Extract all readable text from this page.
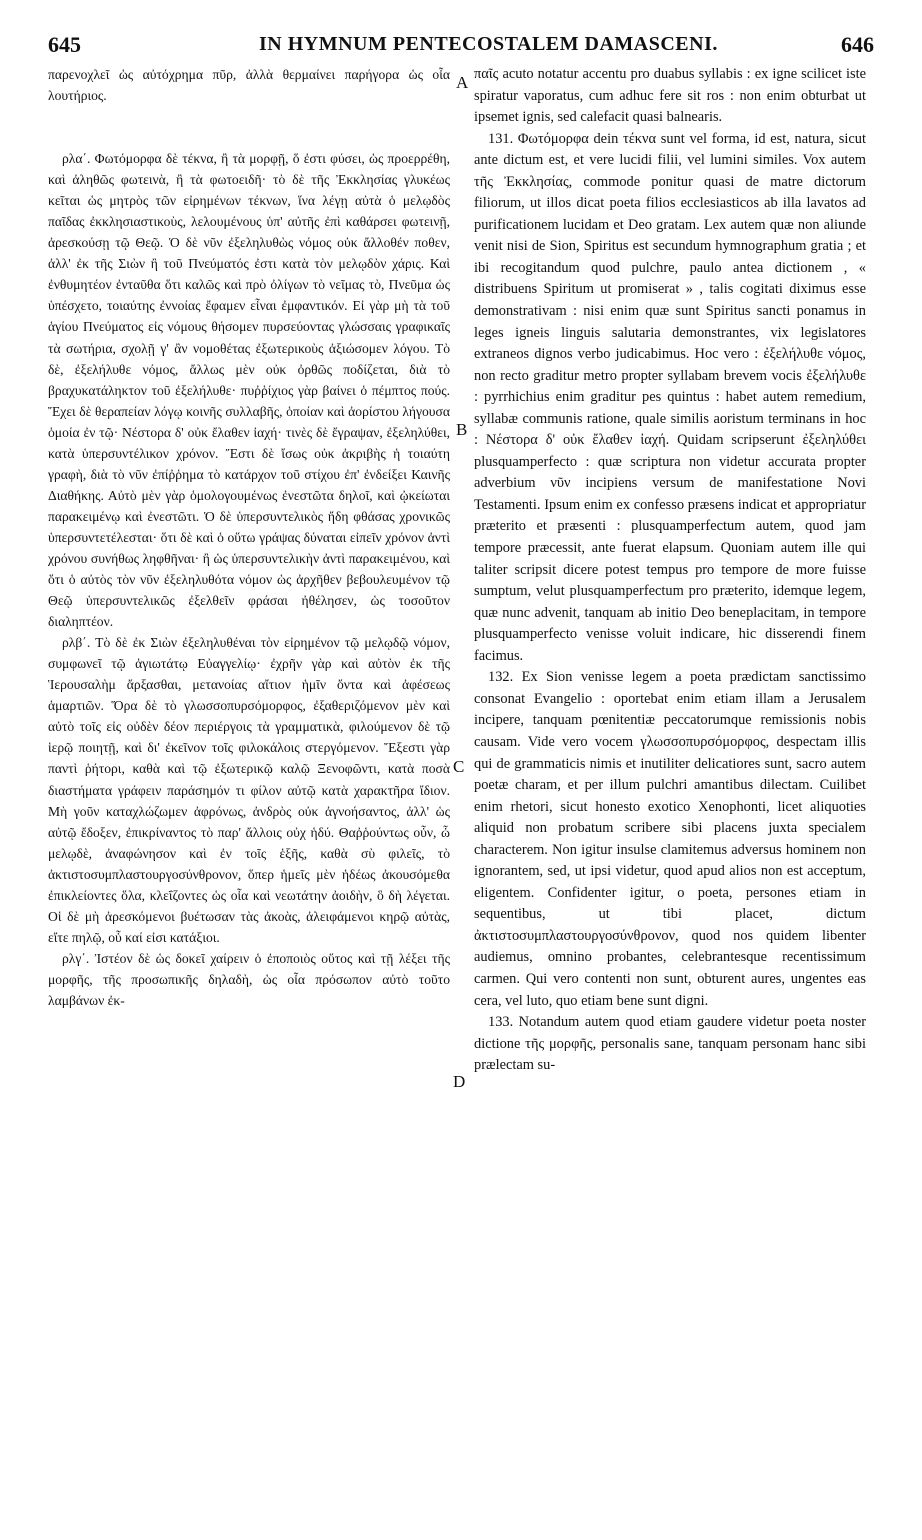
645	IN HYMNUM PENTECOSTALEM DAMASCENI.	646

παρενοχλεῖ ὡς αὐτόχρημα πῦρ, ἀλλὰ θερμαίνει παρήγορα ὡς οἷα λουτήριος.

ρλα΄. Φωτόμορφα δὲ τέκνα, ἢ τὰ μορφῇ, ὅ ἐστι φύσει, ὡς προερρέθη, καὶ ἀληθῶς φωτεινὰ, ἢ τὰ φωτοειδῆ· τὸ δὲ τῆς Ἐκκλησίας γλυκέως κεῖται ὡς μητρὸς τῶν εἰρημένων τέκνων, ἵνα λέγῃ αὐτὰ ὁ μελῳδὸς παῖδας ἐκκλησιαστικοὺς, λελουμένους ὑπ' αὐτῆς ἐπὶ καθάρσει φωτεινῇ, ἀρεσκούσῃ τῷ Θεῷ. Ὁ δὲ νῦν ἐξεληλυθὼς νόμος οὐκ ἄλλοθέν ποθεν, ἀλλ' ἐκ τῆς Σιὼν ἢ τοῦ Πνεύματός ἐστι κατὰ τὸν μελῳδὸν χάρις. Καὶ ἐνθυμητέον ἐνταῦθα ὅτι καλῶς καὶ πρὸ ὀλίγων τὸ νεῖμας τὸ, Πνεῦμα ὡς ὑπέσχετο, τοιαύτης ἐννοίας ἔφαμεν εἶναι ἐμφαντικόν. Εἰ γὰρ μὴ τὰ τοῦ ἁγίου Πνεύματος εἰς νόμους θήσομεν πυρσεύοντας γλώσσαις γραφικαῖς τὰ σωτήρια, σχολῇ γ' ἂν νομοθέτας ἐξωτερικοὺς ἀξιώσομεν λόγου. Τὸ δὲ, ἐξελήλυθε νόμος, ἄλλως μὲν οὐκ ὀρθῶς ποδίζεται, διὰ τὸ βραχυκατάληκτον τοῦ ἐξελήλυθε· πυῤῥίχιος γὰρ βαίνει ὁ πέμπτος πούς. Ἔχει δὲ θεραπείαν λόγῳ κοινῆς συλλαβῆς, ὁποίαν καὶ ἀορίστου λήγουσα ὁμοία ἐν τῷ· Νέστορα δ' οὐκ ἔλαθεν ἰαχή· τινὲς δὲ ἔγραψαν, ἐξεληλύθει, κατὰ ὑπερσυντέλικον χρόνον. Ἔστι δὲ ἴσως οὐκ ἀκριβὴς ἡ τοιαύτη γραφὴ, διὰ τὸ νῦν ἐπίῤῥημα τὸ κατάρχον τοῦ στίχου ἐπ' ἐνδείξει Καινῆς Διαθήκης. Αὐτὸ μὲν γὰρ ὁμολογουμένως ἐνεστῶτα δηλοῖ, καὶ ᾠκείωται παρακειμένῳ καὶ ἐνεστῶτι. Ὁ δὲ ὑπερσυντελικὸς ἤδη φθάσας χρονικῶς ὑπερσυντετέλεσται· ὅτι δὲ καὶ ὁ οὕτω γράψας δύναται εἰπεῖν χρόνον ἀντὶ χρόνου συνήθως ληφθῆναι· ἢ ὡς ὑπερσυντελικὴν ἀντὶ παρακειμένου, καὶ ὅτι ὁ αὐτὸς τὸν νῦν ἐξεληλυθότα νόμον ὡς ἀρχῆθεν βεβουλευμένον τῷ Θεῷ ὑπερσυντελικῶς ἐξελθεῖν φράσαι ἠθέλησεν, ὡς τοσοῦτον διαληπτέον.

ρλβ΄. Τὸ δὲ ἐκ Σιὼν ἐξεληλυθέναι τὸν εἰρημένον τῷ μελῳδῷ νόμον, συμφωνεῖ τῷ ἁγιωτάτῳ Εὐαγγελίῳ· ἐχρῆν γὰρ καὶ αὐτὸν ἐκ τῆς Ἱερουσαλὴμ ἄρξασθαι, μετανοίας αἴτιον ἡμῖν ὄντα καὶ ἀφέσεως ἁμαρτιῶν. Ὅρα δὲ τὸ γλωσσοπυρσόμορφος, ἐξαθεριζόμενον μὲν καὶ αὐτὸ τοῖς εἰς οὐδὲν δέον περιέργοις τὰ γραμματικὰ, φιλούμενον δὲ τῷ ἱερῷ ποιητῇ, καὶ δι' ἐκεῖνον τοῖς φιλοκάλοις στεργόμενον. Ἔξεστι γὰρ παντὶ ῥήτορι, καθὰ καὶ τῷ ἐξωτερικῷ καλῷ Ξενοφῶντι, κατὰ ποσὰ διαστήματα γράφειν παράσημόν τι φίλον αὐτῷ κατὰ χαρακτῆρα ἴδιον. Μὴ γοῦν καταχλώζωμεν ἀφρόνως, ἀνδρὸς οὐκ ἀγνοήσαντος, ἀλλ' ὡς αὐτῷ ἔδοξεν, ἐπικρίναντος τὸ παρ' ἄλλοις οὐχ ἡδύ. Θαῤῥούντως οὖν, ὦ μελῳδὲ, ἀναφώνησον καὶ ἐν τοῖς ἑξῆς, καθὰ σὺ φιλεῖς, τὸ ἀκτιστοσυμπλαστουργοσύνθρονον, ὅπερ ἡμεῖς μὲν ἡδέως ἀκουσόμεθα ἐπικλείοντες ὅλα, κλεΐζοντες ὡς οἷα καὶ νεωτάτην ἀοιδὴν, ὃ δὴ λέγεται. Οἱ δὲ μὴ ἀρεσκόμενοι βυέτωσαν τὰς ἀκοὰς, ἀλειφάμενοι κηρῷ αὐτὰς, εἴτε πηλῷ, οὗ καί εἰσι κατάξιοι.

ρλγ΄. Ἰστέον δὲ ὡς δοκεῖ χαίρειν ὁ ἐποποιὸς οὕτος καὶ τῇ λέξει τῆς μορφῆς, τῆς προσωπικῆς δηλαδὴ, ὡς οἷα πρόσωπον αὐτὸ τοῦτο λαμβάνων ἐκ-

παῖς acuto notatur accentu pro duabus syllabis : ex igne scilicet iste spiratur vaporatus, cum adhuc fere sit ros : non enim obturbat ut ipsemet ignis, sed calefacit quasi balnearis.

131. Φωτόμορφα dein τέκνα sunt vel forma, id est, natura, sicut ante dictum est, et vere lucidi filii, vel lumini similes. Vox autem τῆς Ἐκκλησίας, commode ponitur quasi de matre dictorum filiorum, ut illos dicat poeta filios ecclesiasticos ab illa lavatos ad purificationem lucidam et Deo gratam. Lex autem quæ non aliunde venit nisi de Sion, Spiritus est secundum hymnographum gratia ; et ibi recogitandum quod pulchre, paulo antea dictionem , « distribuens Spiritum ut promiserat » , talis cogitati diximus esse demonstrativam : nisi enim quæ sunt Spiritus sancti ponamus in leges igneis linguis salutaria demonstrantes, vix legislatores extraneos dignos verbo judicabimus. Hoc vero : ἐξελήλυθε νόμος, non recto graditur metro propter syllabam brevem vocis ἐξελήλυθε : pyrrhichius enim graditur pes quintus : habet autem remedium, syllabæ communis ratione, quale similis aoristum terminans in hoc : Νέστορα δ' οὐκ ἔλαθεν ἰαχή. Quidam scripserunt ἐξεληλύθει plusquamperfecto : quæ scriptura non videtur accurata propter adverbium νῦν incipiens versum de manifestatione Novi Testamenti. Ipsum enim ex confesso præsens indicat et appropriatur præterito et præsenti : plusquamperfectum autem, quod jam tempore præcessit, ante fuerat elapsum. Quoniam autem ille qui taliter scripsit dicere potest tempus pro tempore de more fuisse sumptum, velut plusquamperfectum pro præterito, idemque legem, quæ nunc advenit, tanquam ab initio Deo beneplacitam, in tempore plusquamperfecto venisse voluit indicare, hic disserendi finem facimus.

132. Ex Sion venisse legem a poeta prædictam sanctissimo consonat Evangelio : oportebat enim etiam illam a Jerusalem incipere, tanquam pœnitentiæ peccatorumque remissionis nobis causam. Vide vero vocem γλωσσοπυρσόμορφος, despectam illis qui de grammaticis nimis et inutiliter delicatiores sunt, sacro autem poetæ charam, et per illum pulchri amantibus dilectam. Cuilibet enim rhetori, sicut honesto exotico Xenophonti, licet aliquoties aliquid non probatum scribere sibi placens juxta specialem characterem. Non igitur insulse clamitemus adversus hominem non ignorantem, sed, ut ipsi videtur, quod apud alios non est acceptum, eligentem. Confidenter igitur, o poeta, persones etiam in sequentibus, ut tibi placet, dictum ἀκτιστοσυμπλαστουργοσύνθρονον, quod nos quidem libenter audiemus, omnino probantes, celebrantesque recentissimum carmen. Qui vero contenti non sunt, obturent aures, ungentes eas cera, vel luto, quo etiam bene sunt digni.

133. Notandum autem quod etiam gaudere videtur poeta noster dictione τῆς μορφῆς, personalis sane, tanquam personam hanc sibi prælectam su-

A
B
C
D
